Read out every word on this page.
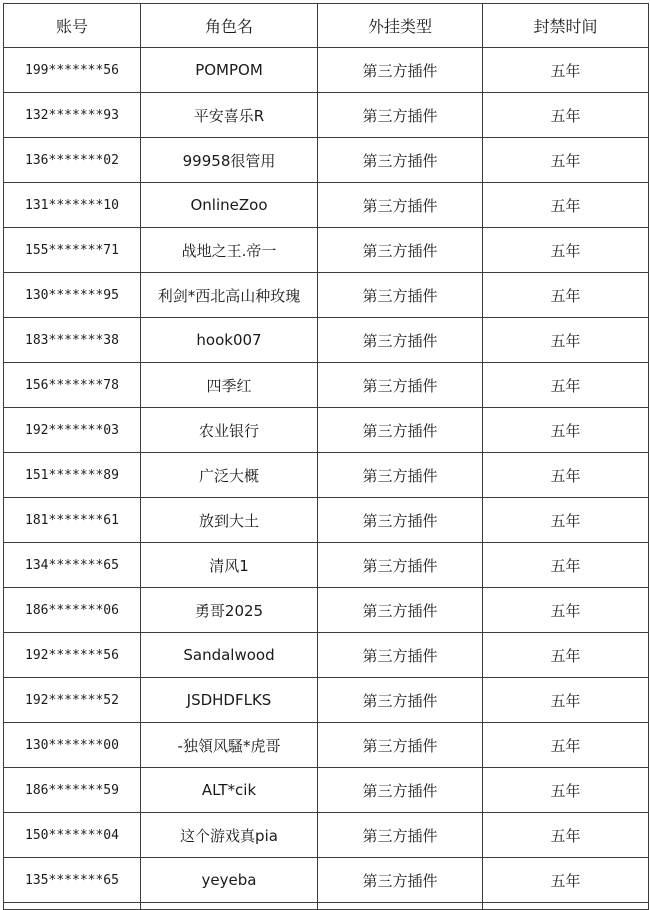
账号	角色名	外挂类型	封禁时间
199*******56	POMPOM	第三方插件	五年
132*******93	平安喜乐R	第三方插件	五年
136*******02	99958很管用	第三方插件	五年
131*******10	OnlineZoo	第三方插件	五年
155*******71	战地之王.帝一	第三方插件	五年
130*******95	利剑*西北高山种玫瑰	第三方插件	五年
183*******38	hook007	第三方插件	五年
156*******78	四季红	第三方插件	五年
192*******03	农业银行	第三方插件	五年
151*******89	广泛大概	第三方插件	五年
181*******61	放到大土	第三方插件	五年
134*******65	清风1	第三方插件	五年
186*******06	勇哥2025	第三方插件	五年
192*******56	Sandalwood	第三方插件	五年
192*******52	JSDHDFLKS	第三方插件	五年
130*******00	-独領风騷*虎哥	第三方插件	五年
186*******59	ALT*cik	第三方插件	五年
150*******04	这个游戏真pia	第三方插件	五年
135*******65	yeyeba	第三方插件	五年
